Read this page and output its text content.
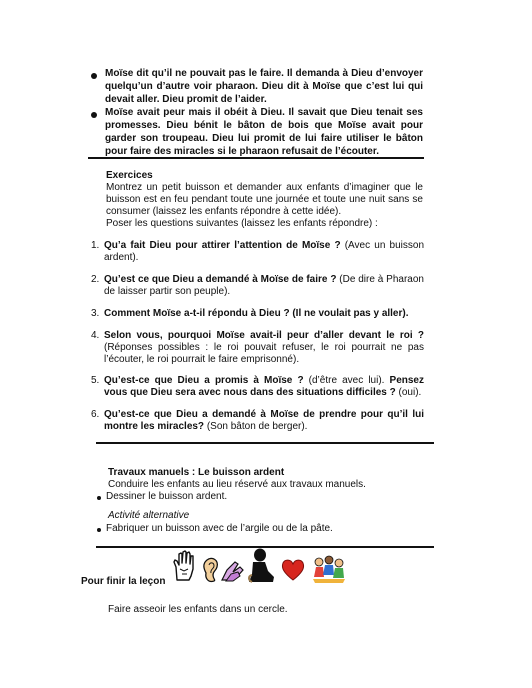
Moïse dit qu’il ne pouvait pas le faire. Il demanda à Dieu d’envoyer quelqu’un d’autre voir pharaon. Dieu dit à Moïse que c’est lui qui devait aller. Dieu promit de l’aider.
Moïse avait peur mais il obéit à Dieu. Il savait que Dieu tenait ses promesses. Dieu bénit le bâton de bois que Moïse avait pour garder son troupeau. Dieu lui promit de lui faire utiliser le bâton pour faire des miracles si le pharaon refusait de l’écouter.
Exercices
Montrez un petit buisson et demander aux enfants d’imaginer que le buisson est en feu pendant toute une journée et toute une nuit sans se consumer (laissez les enfants répondre à cette idée).
Poser les questions suivantes (laissez les enfants répondre) :
1. Qu’a fait Dieu pour attirer l’attention de Moïse ? (Avec un buisson ardent).
2. Qu’est ce que Dieu a demandé à Moïse de faire ? (De dire à Pharaon de laisser partir son peuple).
3. Comment Moïse a-t-il répondu à Dieu ? (Il ne voulait pas y aller).
4. Selon vous, pourquoi Moïse avait-il peur d’aller devant le roi ? (Réponses possibles : le roi pouvait refuser, le roi pourrait ne pas l’écouter, le roi pourrait le faire emprisonné).
5. Qu’est-ce que Dieu a promis à Moïse ? (d’être avec lui). Pensez vous que Dieu sera avec nous dans des situations difficiles ? (oui).
6. Qu’est-ce que Dieu a demandé à Moïse de prendre pour qu’il lui montre les miracles? (Son bâton de berger).
Travaux manuels : Le buisson ardent
Conduire les enfants au lieu réservé aux travaux manuels.
Dessiner le buisson ardent.
Activité alternative
Fabriquer un buisson avec de l’argile ou de la pâte.
Pour finir la leçon
Faire asseoir les enfants dans un cercle.
